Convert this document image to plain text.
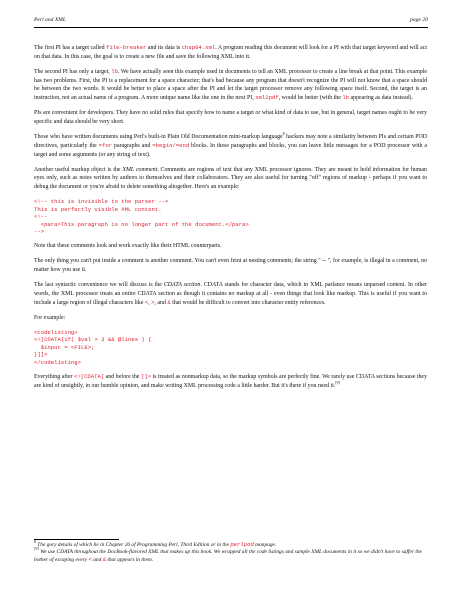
Perl and XML	page 20

The first PI has a target called file-breaker and its data is chap04.xml. A program reading this document will look for a PI with that target keyword and will act on that data. In this case, the goal is to create a new file and save the following XML into it.

The second PI has only a target, lb. We have actually seen this example used in documents to tell an XML processor to create a line break at that point. This example has two problems. First, the PI is a replacement for a space character; that's bad because any program that doesn't recognize the PI will not know that a space should be between the two words. It would be better to place a space after the PI and let the target processor remove any following space itself. Second, the target is an instruction, not an actual name of a program. A more unique name like the one in the next PI, xml2pdf, would be better (with the lb appearing as data instead).

PIs are convenient for developers. They have no solid rules that specify how to name a target or what kind of data to use, but in general, target names ought to be very specific and data should be very short.

Those who have written documents using Perl's built-in Plain Old Documentation mini-markup language$^8$ hackers may note a similarity between PIs and certain POD directives, particularly the =for paragraphs and =begin/=end blocks. In these paragraphs and blocks, you can leave little messages for a POD processor with a target and some arguments (or any string of text).

Another useful markup object is the XML comment. Comments are regions of text that any XML processor ignores. They are meant to hold information for human eyes only, such as notes written by authors to themselves and their collaborators. They are also useful for turning "off" regions of markup - perhaps if you want to debug the document or you're afraid to delete something altogether. Here's an example:

<!-- this is invisible to the parser -->
This is perfectly visible XML content.
<!--
<para>This paragraph is no longer part of the document.</para>
-->

Note that these comments look and work exactly like their HTML counterparts.

The only thing you can't put inside a comment is another comment. You can't even feint at nesting comments; the string " -- ", for example, is illegal in a comment, no matter how you use it.

The last syntactic convenience we will discuss is the CDATA section. CDATA stands for character data, which in XML parlance means unparsed content. In other words, the XML processor treats an entire CDATA section as though it contains no markup at all - even things that look like markup. This is useful if you want to include a large region of illegal characters like <, >, and & that would be difficult to convert into character entity references.

For example:

<codelisting>
<![CDATA[if( $val > 3 && @lines ) {
$input = <FILE>;
}]]>
</codelisting>

Everything after <![CDATA[ and before the ]]> is treated as nonmarkup data, so the markup symbols are perfectly fine. We rarely use CDATA sections because they are kind of unsightly, in our humble opinion, and make writing XML processing code a little harder. But it's there if you need it.[9]

$^8$ The gory details of which lie in Chapter 26 of Programming Perl, Third Edition or in the perlpod manpage.

[9] We use CDATA throughout the DocBook-flavored XML that makes up this book. We wrapped all the code listings and sample XML documents in it so we didn't have to suffer the bother of escaping every < and & that appears in them.
